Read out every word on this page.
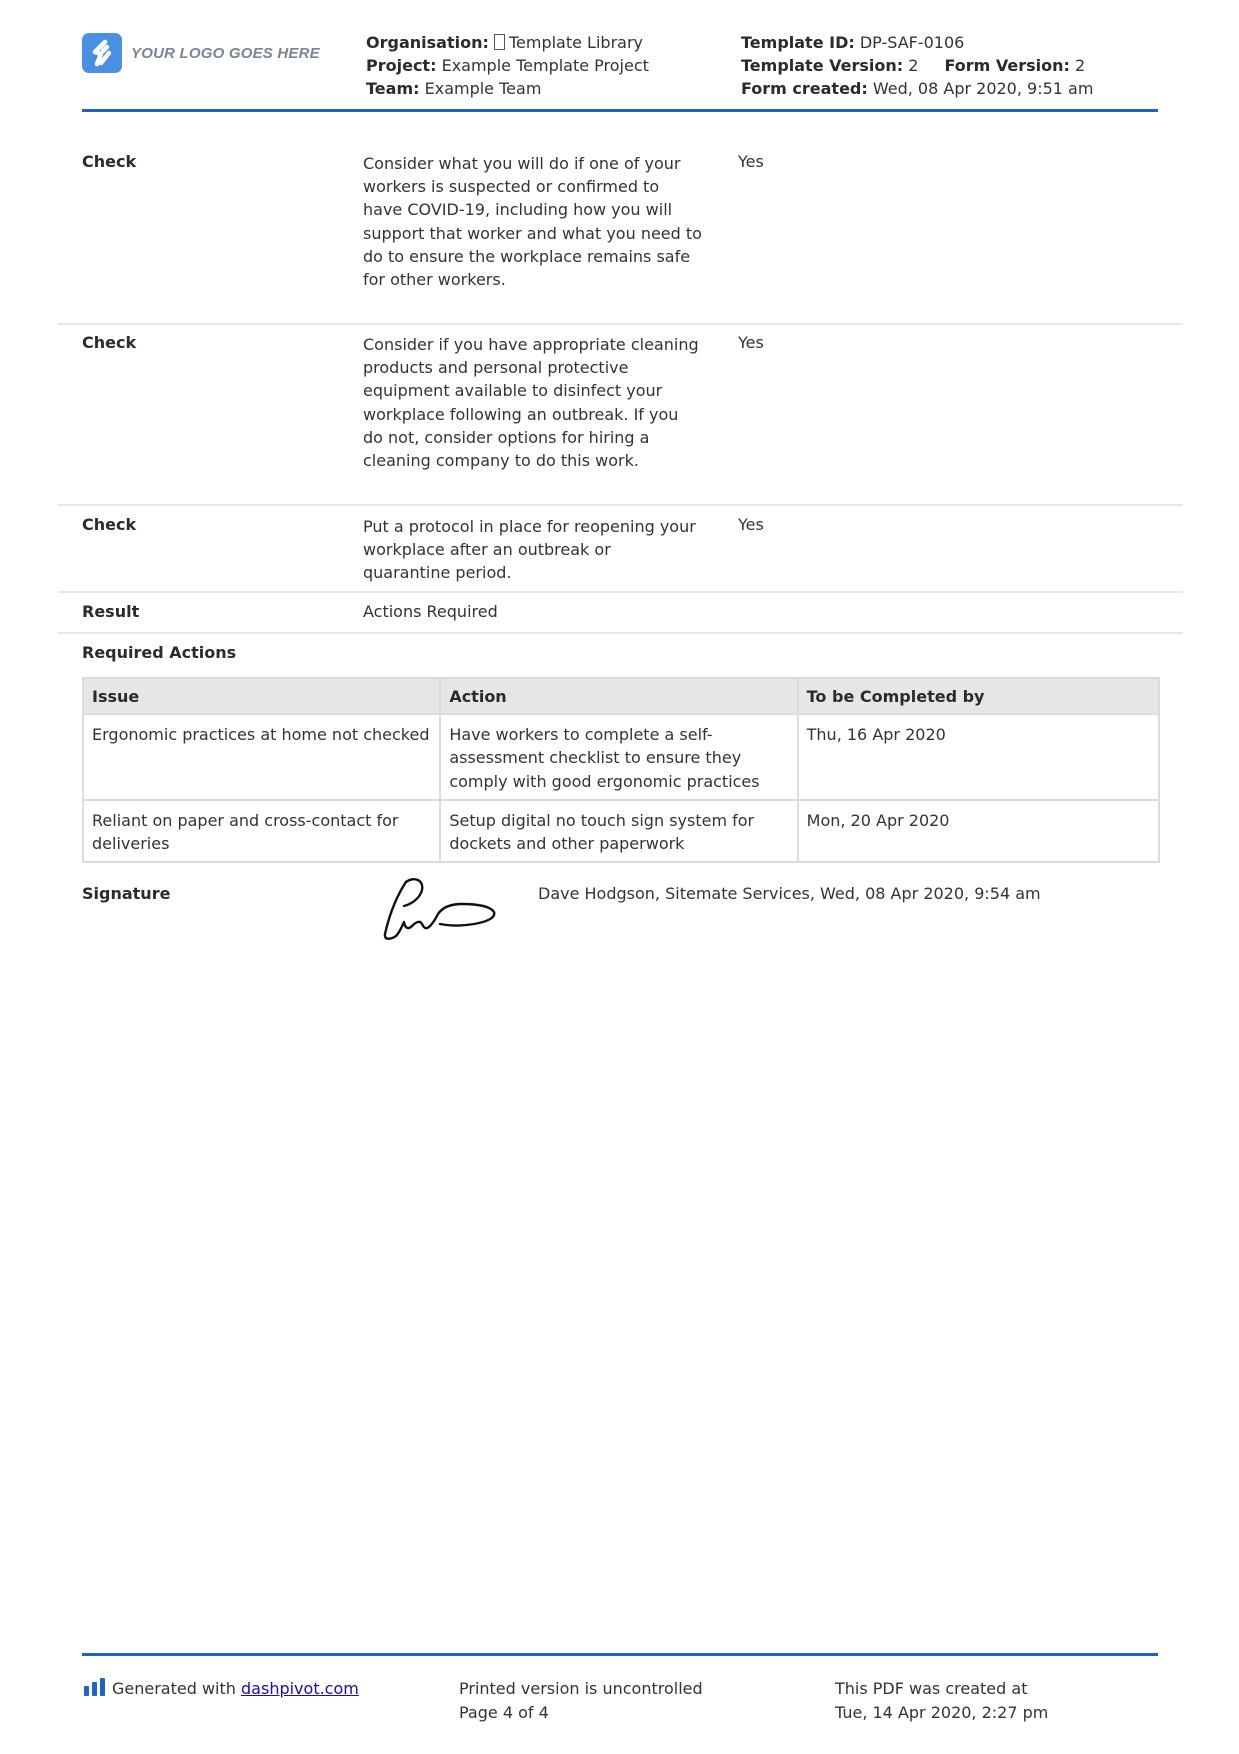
YOUR LOGO GOES HERE
Organisation: Template Library
Project: Example Template Project
Team: Example Team
Template ID: DP-SAF-0106
Template Version: 2 Form Version: 2
Form created: Wed, 08 Apr 2020, 9:51 am
Check	Consider what you will do if one of your workers is suspected or confirmed to have COVID-19, including how you will support that worker and what you need to do to ensure the workplace remains safe for other workers.
Yes
Check	Consider if you have appropriate cleaning products and personal protective equipment available to disinfect your workplace following an outbreak. If you do not, consider options for hiring a cleaning company to do this work.
Yes
Check	Put a protocol in place for reopening your workplace after an outbreak or quarantine period.
Yes
Result	Actions Required
Required Actions
Issue	Action	To be Completed by
Ergonomic practices at home not checked	Have workers to complete a self-assessment checklist to ensure they comply with good ergonomic practices	Thu, 16 Apr 2020
Reliant on paper and cross-contact for deliveries	Setup digital no touch sign system for dockets and other paperwork	Mon, 20 Apr 2020
Signature	Dave Hodgson, Sitemate Services, Wed, 08 Apr 2020, 9:54 am
Generated with dashpivot.com	Printed version is uncontrolled
Page 4 of 4
This PDF was created at
Tue, 14 Apr 2020, 2:27 pm
